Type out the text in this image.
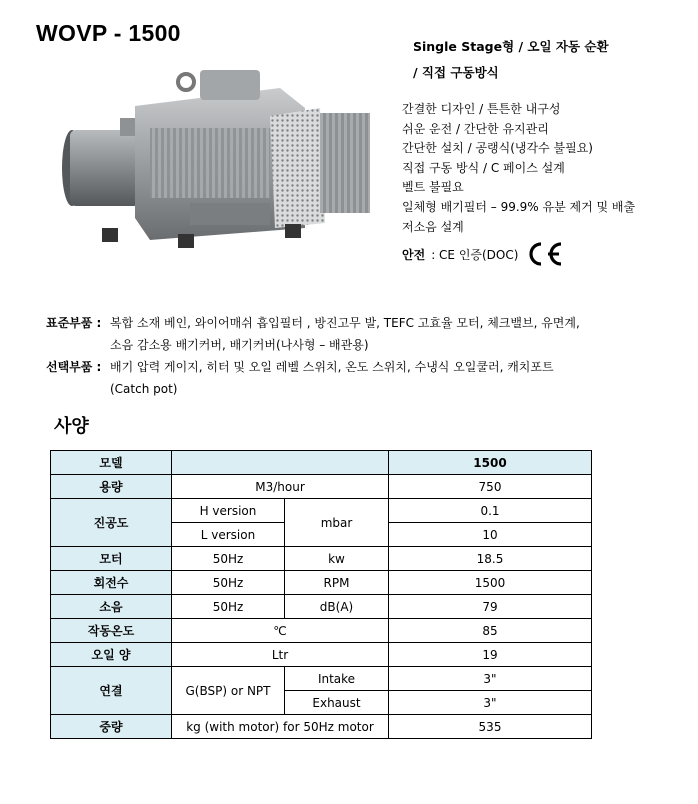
WOVP - 1500
Single Stage형 / 오일 자동 순환
/ 직접 구동방식
간결한 디자인 / 튼튼한 내구성
쉬운 운전 / 간단한 유지관리
간단한 설치 / 공랭식(냉각수 불필요)
직접 구동 방식 / C 페이스 설계
벨트 불필요
일체형 배기필터 – 99.9% 유분 제거 및 배출
저소음 설계
안전 : CE 인증(DOC)
표준부품 : 복합 소재 베인, 와이어매쉬 흡입필터 , 방진고무 발, TEFC 고효율 모터, 체크밸브, 유면계,
소음 감소용 배기커버, 배기커버(나사형 – 배관용)
선택부품 : 배기 압력 게이지, 히터 및 오일 레벨 스위치, 온도 스위치, 수냉식 오일쿨러, 캐치포트
(Catch pot)
사양
모델			1500
용량	M3/hour		750
진공도	H version	mbar	0.1
	L version		10
모터	50Hz	kw	18.5
회전수	50Hz	RPM	1500
소음	50Hz	dB(A)	79
작동온도	℃		85
오일 양	Ltr		19
연결	G(BSP) or NPT	Intake	3"
		Exhaust	3"
중량	kg (with motor) for 50Hz motor		535
